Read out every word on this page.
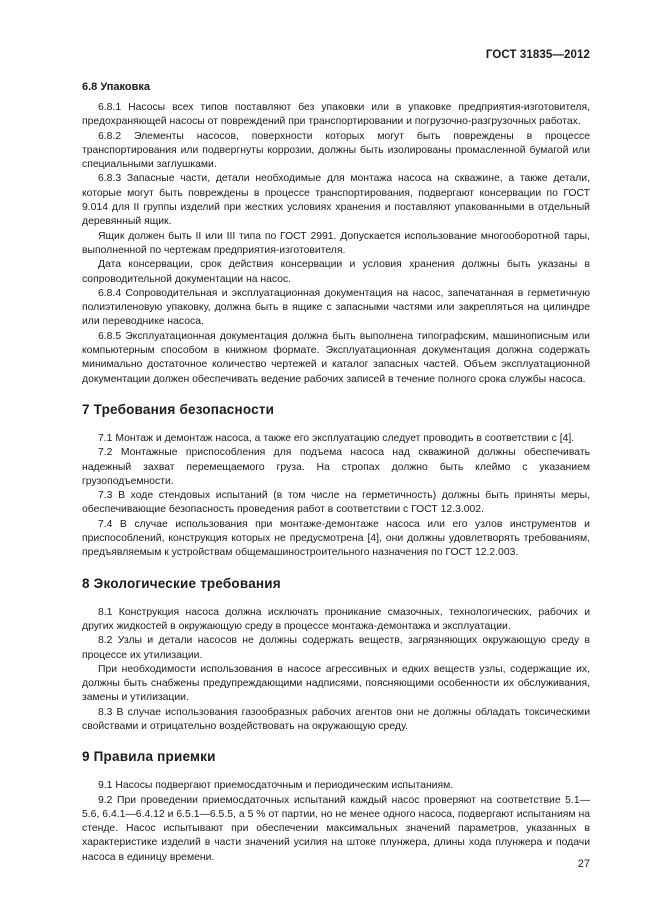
ГОСТ 31835—2012
6.8 Упаковка

6.8.1 Насосы всех типов поставляют без упаковки или в упаковке предприятия-изготовителя, предохраняющей насосы от повреждений при транспортировании и погрузочно-разгрузочных работах.

6.8.2 Элементы насосов, поверхности которых могут быть повреждены в процессе транспортирования или подвергнуты коррозии, должны быть изолированы промасленной бумагой или специальными заглушками.

6.8.3 Запасные части, детали необходимые для монтажа насоса на скважине, а также детали, которые могут быть повреждены в процессе транспортирования, подвергают консервации по ГОСТ 9.014 для II группы изделий при жестких условиях хранения и поставляют упакованными в отдельный деревянный ящик.

Ящик должен быть II или III типа по ГОСТ 2991. Допускается использование многооборотной тары, выполненной по чертежам предприятия-изготовителя.

Дата консервации, срок действия консервации и условия хранения должны быть указаны в сопроводительной документации на насос.

6.8.4 Сопроводительная и эксплуатационная документация на насос, запечатанная в герметичную полиэтиленовую упаковку, должна быть в ящике с запасными частями или закрепляться на цилиндре или переводнике насоса.

6.8.5 Эксплуатационная документация должна быть выполнена типографским, машинописным или компьютерным способом в книжном формате. Эксплуатационная документация должна содержать минимально достаточное количество чертежей и каталог запасных частей. Объем эксплуатационной документации должен обеспечивать ведение рабочих записей в течение полного срока службы насоса.

7 Требования безопасности

7.1 Монтаж и демонтаж насоса, а также его эксплуатацию следует проводить в соответствии с [4].

7.2 Монтажные приспособления для подъема насоса над скважиной должны обеспечивать надежный захват перемещаемого груза. На стропах должно быть клеймо с указанием грузоподъемности.

7.3 В ходе стендовых испытаний (в том числе на герметичность) должны быть приняты меры, обеспечивающие безопасность проведения работ в соответствии с ГОСТ 12.3.002.

7.4 В случае использования при монтаже-демонтаже насоса или его узлов инструментов и приспособлений, конструкция которых не предусмотрена [4], они должны удовлетворять требованиям, предъявляемым к устройствам общемашиностроительного назначения по ГОСТ 12.2.003.

8 Экологические требования

8.1 Конструкция насоса должна исключать проникание смазочных, технологических, рабочих и других жидкостей в окружающую среду в процессе монтажа-демонтажа и эксплуатации.

8.2 Узлы и детали насосов не должны содержать веществ, загрязняющих окружающую среду в процессе их утилизации.

При необходимости использования в насосе агрессивных и едких веществ узлы, содержащие их, должны быть снабжены предупреждающими надписями, поясняющими особенности их обслуживания, замены и утилизации.

8.3 В случае использования газообразных рабочих агентов они не должны обладать токсическими свойствами и отрицательно воздействовать на окружающую среду.

9 Правила приемки

9.1 Насосы подвергают приемосдаточным и периодическим испытаниям.

9.2 При проведении приемосдаточных испытаний каждый насос проверяют на соответствие 5.1—5.6, 6.4.1—6.4.12 и 6.5.1—6.5.5, а 5 % от партии, но не менее одного насоса, подвергают испытаниям на стенде. Насос испытывают при обеспечении максимальных значений параметров, указанных в характеристике изделий в части значений усилия на штоке плунжера, длины хода плунжера и подачи насоса в единицу времени.

27
